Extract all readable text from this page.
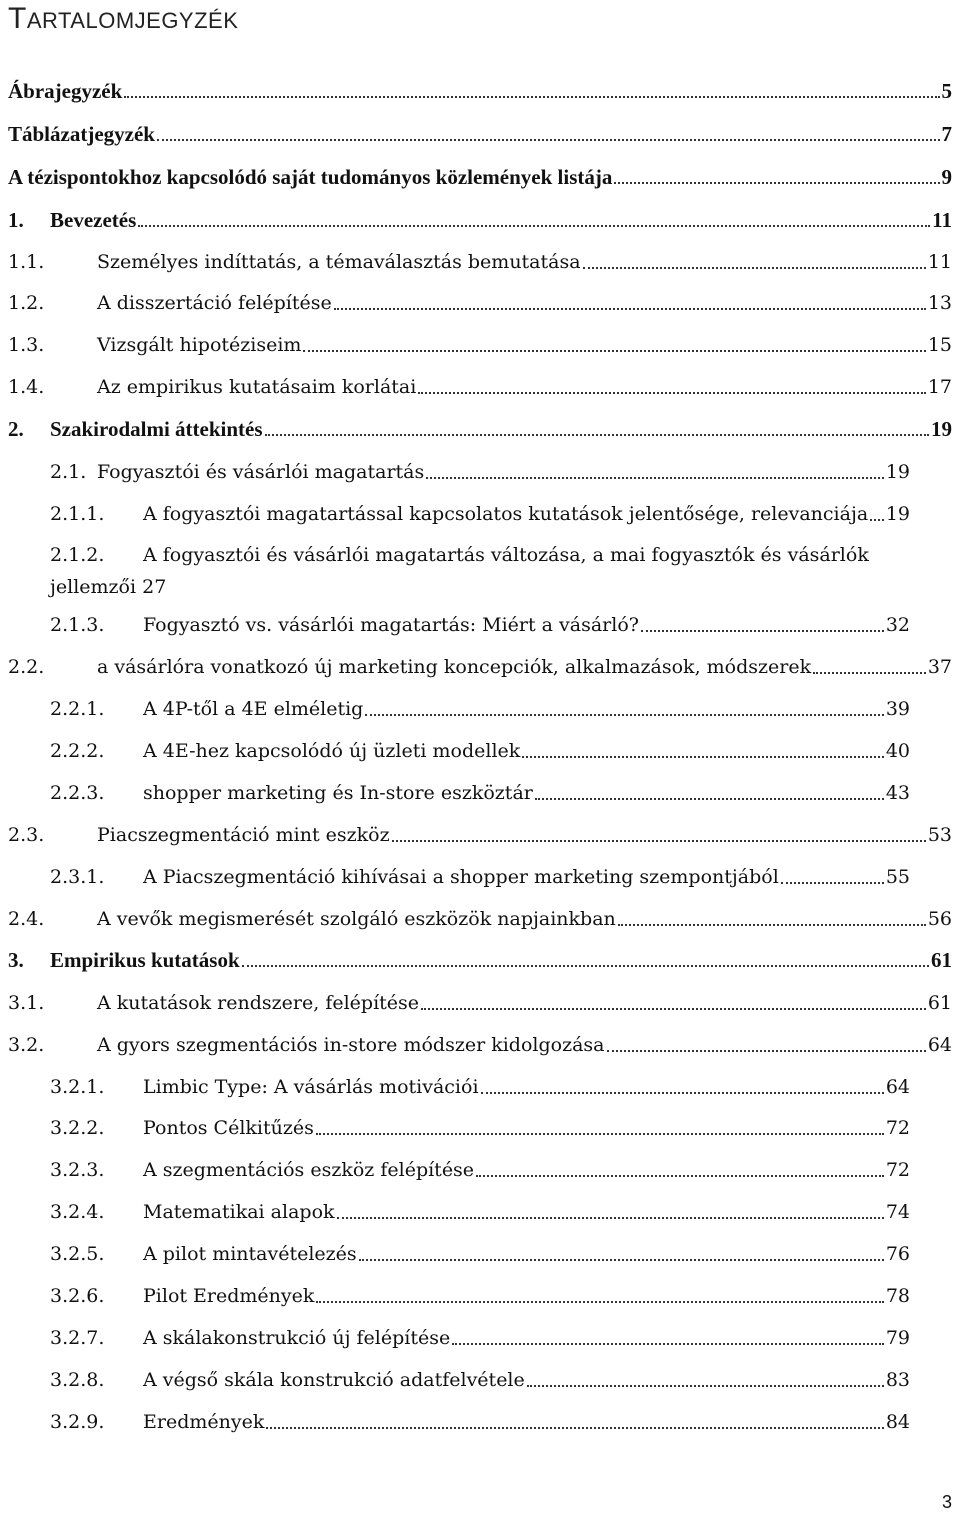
TARTALOMJEGYZÉK
Ábrajegyzék	5
Táblázatjegyzék	7
A tézispontokhoz kapcsolódó saját tudományos közlemények listája	9
1.	Bevezetés	11
1.1.	Személyes indíttatás, a témaválasztás bemutatása	11
1.2.	A disszertáció felépítése	13
1.3.	Vizsgált hipotéziseim	15
1.4.	Az empirikus kutatásaim korlátai	17
2.	Szakirodalmi áttekintés	19
2.1. Fogyasztói és vásárlói magatartás	19
2.1.1.	A fogyasztói magatartással kapcsolatos kutatások jelentősége, relevanciája 19
2.1.2.	A fogyasztói és vásárlói magatartás változása, a mai fogyasztók és vásárlók
jellemzői 27
2.1.3.	Fogyasztó vs. vásárlói magatartás: Miért a vásárló?	32
2.2.	a vásárlóra vonatkozó új marketing koncepciók, alkalmazások, módszerek	37
2.2.1.	A 4P-től a 4E elméletig	39
2.2.2.	A 4E-hez kapcsolódó új üzleti modellek	40
2.2.3.	shopper marketing és In-store eszköztár	43
2.3.	Piacszegmentáció mint eszköz	53
2.3.1.	A Piacszegmentáció kihívásai a shopper marketing szempontjából	55
2.4.	A vevők megismerését szolgáló eszközök napjainkban	56
3.	Empirikus kutatások	61
3.1.	A kutatások rendszere, felépítése	61
3.2.	A gyors szegmentációs in-store módszer kidolgozása	64
3.2.1.	Limbic Type: A vásárlás motivációi	64
3.2.2.	Pontos Célkitűzés	72
3.2.3.	A szegmentációs eszköz felépítése	72
3.2.4.	Matematikai alapok	74
3.2.5.	A pilot mintavételezés	76
3.2.6.	Pilot Eredmények	78
3.2.7.	A skálakonstrukció új felépítése	79
3.2.8.	A végső skála konstrukció adatfelvétele	83
3.2.9.	Eredmények	84
3
